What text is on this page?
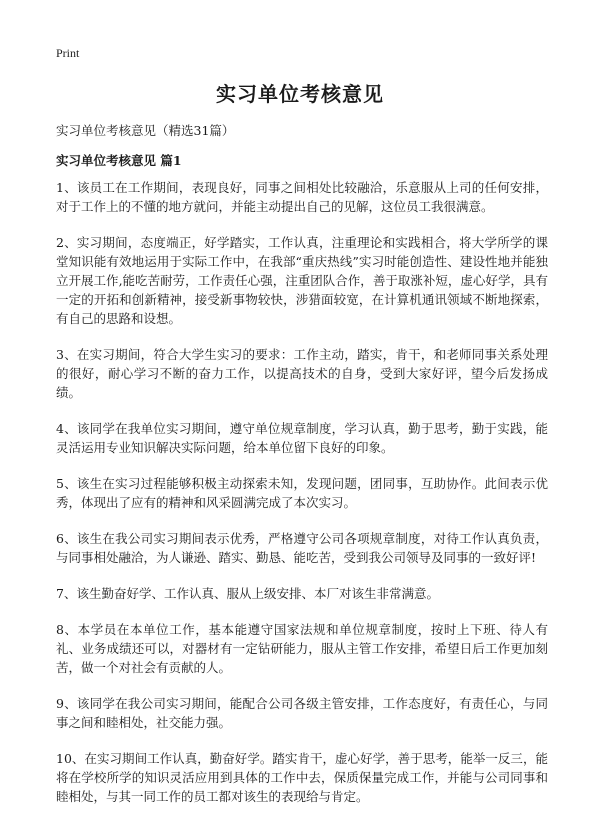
Print
实习单位考核意见
实习单位考核意见（精选31篇）
实习单位考核意见 篇1

1、该员工在工作期间，表现良好，同事之间相处比较融洽，乐意服从上司的任何安排，对于工作上的不懂的地方就问，并能主动提出自己的见解，这位员工我很满意。

2、实习期间，态度端正，好学踏实，工作认真，注重理论和实践相合，将大学所学的课堂知识能有效地运用于实际工作中，在我部“重庆热线”实习时能创造性、建设性地并能独立开展工作,能吃苦耐劳，工作责任心强，注重团队合作，善于取涨补短，虚心好学，具有一定的开拓和创新精神，接受新事物较快，涉猎面较宽，在计算机通讯领域不断地探索，有自己的思路和设想。

3、在实习期间，符合大学生实习的要求：工作主动，踏实，肯干，和老师同事关系处理的很好，耐心学习不断的奋力工作，以提高技术的自身，受到大家好评，望今后发扬成绩。

4、该同学在我单位实习期间，遵守单位规章制度，学习认真，勤于思考，勤于实践，能灵活运用专业知识解决实际问题，给本单位留下良好的印象。

5、该生在实习过程能够积极主动探索未知，发现问题，团同事，互助协作。此间表示优秀，体现出了应有的精神和风采圆满完成了本次实习。

6、该生在我公司实习期间表示优秀，严格遵守公司各项规章制度，对待工作认真负责，与同事相处融洽，为人谦逊、踏实、勤恳、能吃苦，受到我公司领导及同事的一致好评!

7、该生勤奋好学、工作认真、服从上级安排、本厂对该生非常满意。

8、本学员在本单位工作，基本能遵守国家法规和单位规章制度，按时上下班、待人有礼、业务成绩还可以，对器材有一定钻研能力，服从主管工作安排，希望日后工作更加刻苦，做一个对社会有贡献的人。

9、该同学在我公司实习期间，能配合公司各级主管安排，工作态度好，有责任心，与同事之间和睦相处，社交能力强。

10、在实习期间工作认真，勤奋好学。踏实肯干，虚心好学，善于思考，能举一反三，能将在学校所学的知识灵活应用到具体的工作中去，保质保量完成工作，并能与公司同事和睦相处，与其一同工作的员工都对该生的表现给与肯定。
